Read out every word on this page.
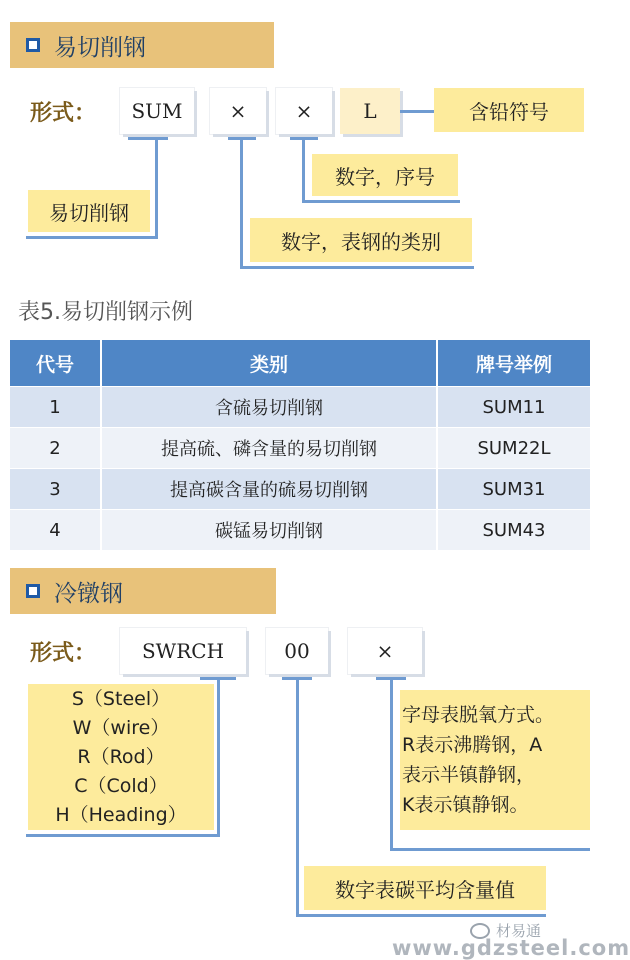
易切削钢
形式：	SUM	×	×	L	含铅符号
数字，序号
易切削钢
数字，表钢的类别
表5.易切削钢示例
代号	类别	牌号举例
1	含硫易切削钢	SUM11
2	提高硫、磷含量的易切削钢	SUM22L
3	提高碳含量的硫易切削钢	SUM31
4	碳锰易切削钢	SUM43
冷镦钢
形式：	SWRCH	00	×
S（Steel）
W（wire）
R（Rod）
C（Cold）
H（Heading）
字母表脱氧方式。
R表示沸腾钢，A
表示半镇静钢，
K表示镇静钢。
数字表碳平均含量值
材易通
www.gdzsteel.com
